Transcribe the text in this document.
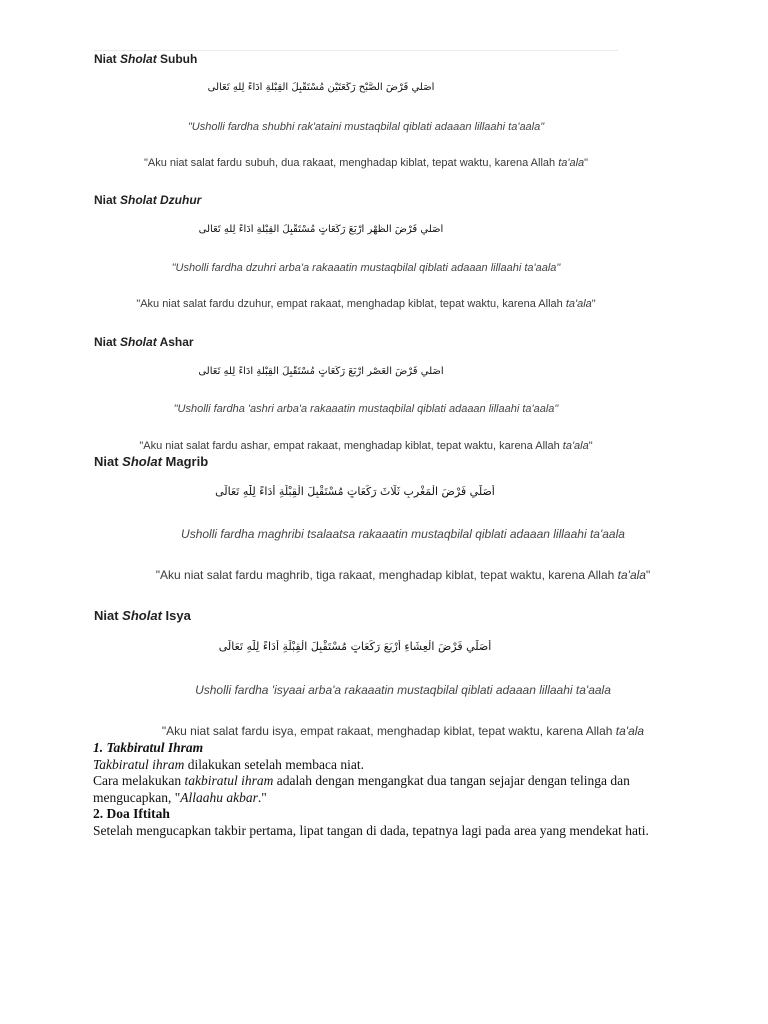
Niat Sholat Subuh
أُصَلِّي فَرْضَ الصُّبْحِ رَكْعَتَيْنِ مُسْتَقْبِلَ الْقِبْلَةِ أَدَاءً لِلّٰهِ تَعَالَى
"Usholli fardha shubhi rak'ataini mustaqbilal qiblati adaaan lillaahi ta'aala"
"Aku niat salat fardu subuh, dua rakaat, menghadap kiblat, tepat waktu, karena Allah ta'ala"
Niat Sholat Dzuhur
أُصَلِّي فَرْضَ الظُّهْرِ أَرْبَعَ رَكَعَاتٍ مُسْتَقْبِلَ الْقِبْلَةِ أَدَاءً لِلّٰهِ تَعَالَى
"Usholli fardha dzuhri arba'a rakaaatin mustaqbilal qiblati adaaan lillaahi ta'aala"
"Aku niat salat fardu dzuhur, empat rakaat, menghadap kiblat, tepat waktu, karena Allah ta'ala"
Niat Sholat Ashar
أُصَلِّي فَرْضَ الْعَصْرِ أَرْبَعَ رَكَعَاتٍ مُسْتَقْبِلَ الْقِبْلَةِ أَدَاءً لِلّٰهِ تَعَالَى
"Usholli fardha 'ashri arba'a rakaaatin mustaqbilal qiblati adaaan lillaahi ta'aala"
"Aku niat salat fardu ashar, empat rakaat, menghadap kiblat, tepat waktu, karena Allah ta'ala"
Niat Sholat Magrib
أُصَلِّي فَرْضَ الْمَغْرِبِ ثَلَاثَ رَكَعَاتٍ مُسْتَقْبِلَ الْقِبْلَةِ أَدَاءً لِلّٰهِ تَعَالَى
Usholli fardha maghribi tsalaatsa rakaaatin mustaqbilal qiblati adaaan lillaahi ta'aala
"Aku niat salat fardu maghrib, tiga rakaat, menghadap kiblat, tepat waktu, karena Allah ta'ala"
Niat Sholat Isya
أُصَلِّي فَرْضَ الْعِشَاءِ أَرْبَعَ رَكَعَاتٍ مُسْتَقْبِلَ الْقِبْلَةِ أَدَاءً لِلّٰهِ تَعَالَى
Usholli fardha 'isyaai arba'a rakaaatin mustaqbilal qiblati adaaan lillaahi ta'aala
"Aku niat salat fardu isya, empat rakaat, menghadap kiblat, tepat waktu, karena Allah ta'ala

1. Takbiratul Ihram

Takbiratul ihram dilakukan setelah membaca niat.

Cara melakukan takbiratul ihram adalah dengan mengangkat dua tangan sejajar dengan telinga dan mengucapkan, "Allaahu akbar."

2. Doa Iftitah

Setelah mengucapkan takbir pertama, lipat tangan di dada, tepatnya lagi pada area yang mendekat hati.
